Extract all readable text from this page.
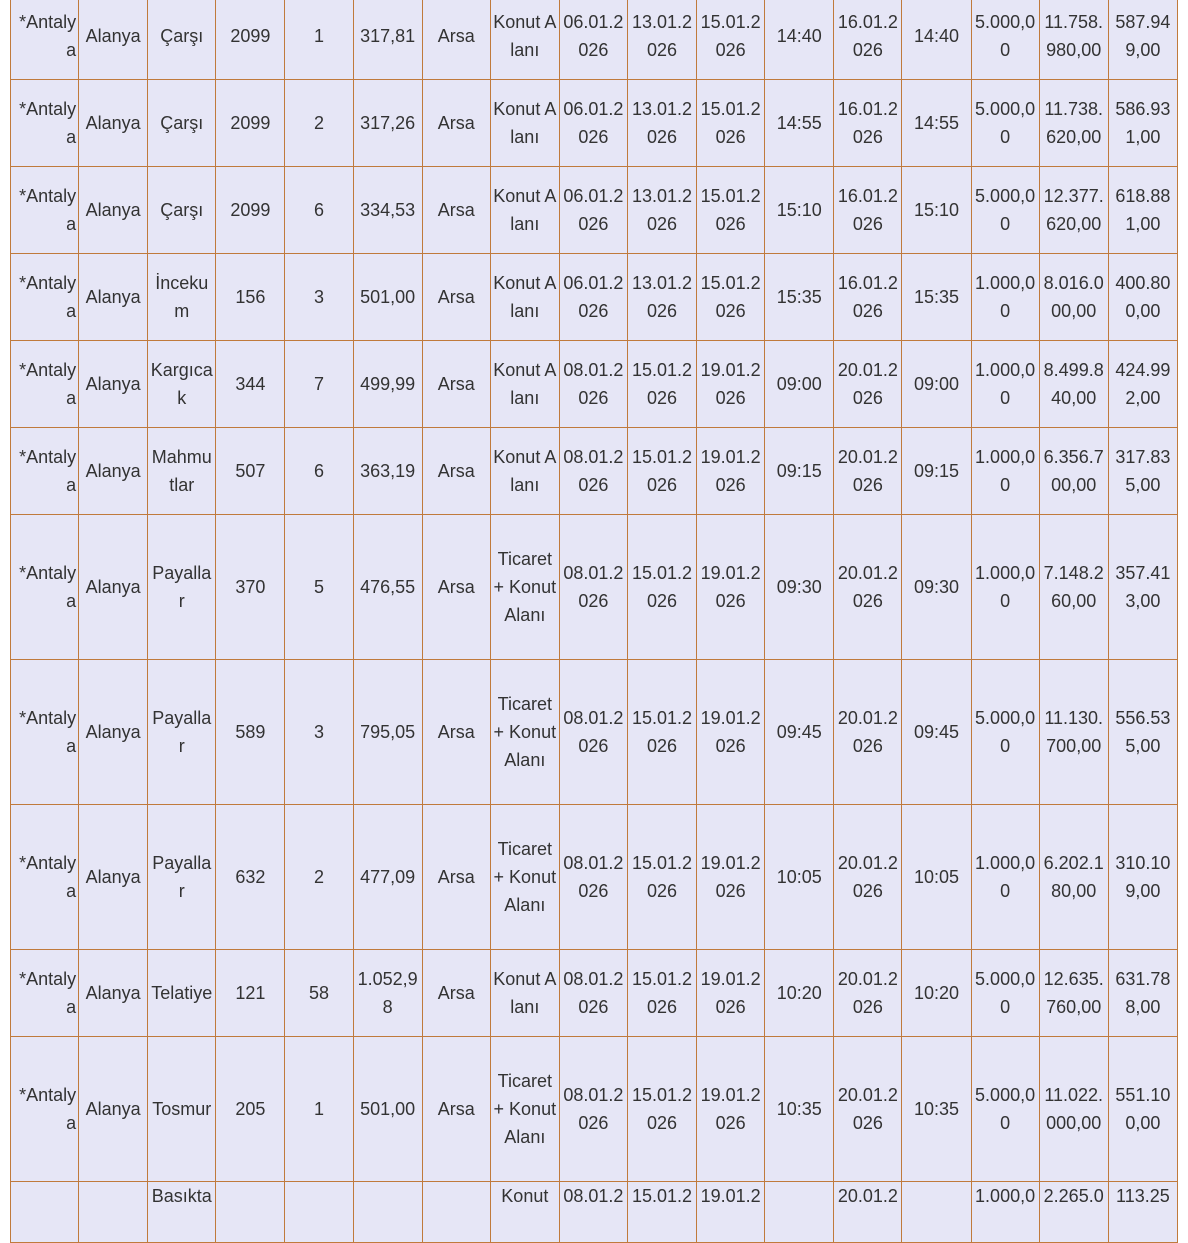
*Antalya	Alanya	Çarşı	2099	1	317,81	Arsa	Konut Alanı	06.01.2026	13.01.2026	15.01.2026	14:40	16.01.2026	14:40	5.000,00	11.758.980,00	587.949,00
*Antalya	Alanya	Çarşı	2099	2	317,26	Arsa	Konut Alanı	06.01.2026	13.01.2026	15.01.2026	14:55	16.01.2026	14:55	5.000,00	11.738.620,00	586.931,00
*Antalya	Alanya	Çarşı	2099	6	334,53	Arsa	Konut Alanı	06.01.2026	13.01.2026	15.01.2026	15:10	16.01.2026	15:10	5.000,00	12.377.620,00	618.881,00
*Antalya	Alanya	İncekum	156	3	501,00	Arsa	Konut Alanı	06.01.2026	13.01.2026	15.01.2026	15:35	16.01.2026	15:35	1.000,00	8.016.000,00	400.800,00
*Antalya	Alanya	Kargıcak	344	7	499,99	Arsa	Konut Alanı	08.01.2026	15.01.2026	19.01.2026	09:00	20.01.2026	09:00	1.000,00	8.499.840,00	424.992,00
*Antalya	Alanya	Mahmutlar	507	6	363,19	Arsa	Konut Alanı	08.01.2026	15.01.2026	19.01.2026	09:15	20.01.2026	09:15	1.000,00	6.356.700,00	317.835,00
*Antalya	Alanya	Payallar	370	5	476,55	Arsa	Ticaret + Konut Alanı	08.01.2026	15.01.2026	19.01.2026	09:30	20.01.2026	09:30	1.000,00	7.148.260,00	357.413,00
*Antalya	Alanya	Payallar	589	3	795,05	Arsa	Ticaret + Konut Alanı	08.01.2026	15.01.2026	19.01.2026	09:45	20.01.2026	09:45	5.000,00	11.130.700,00	556.535,00
*Antalya	Alanya	Payallar	632	2	477,09	Arsa	Ticaret + Konut Alanı	08.01.2026	15.01.2026	19.01.2026	10:05	20.01.2026	10:05	1.000,00	6.202.180,00	310.109,00
*Antalya	Alanya	Telatiye	121	58	1.052,98	Arsa	Konut Alanı	08.01.2026	15.01.2026	19.01.2026	10:20	20.01.2026	10:20	5.000,00	12.635.760,00	631.788,00
*Antalya	Alanya	Tosmur	205	1	501,00	Arsa	Ticaret + Konut Alanı	08.01.2026	15.01.2026	19.01.2026	10:35	20.01.2026	10:35	5.000,00	11.022.000,00	551.100,00
		Basıkta					Konut	08.01.2	15.01.2	19.01.2		20.01.2		1.000,0	2.265.0	113.25
